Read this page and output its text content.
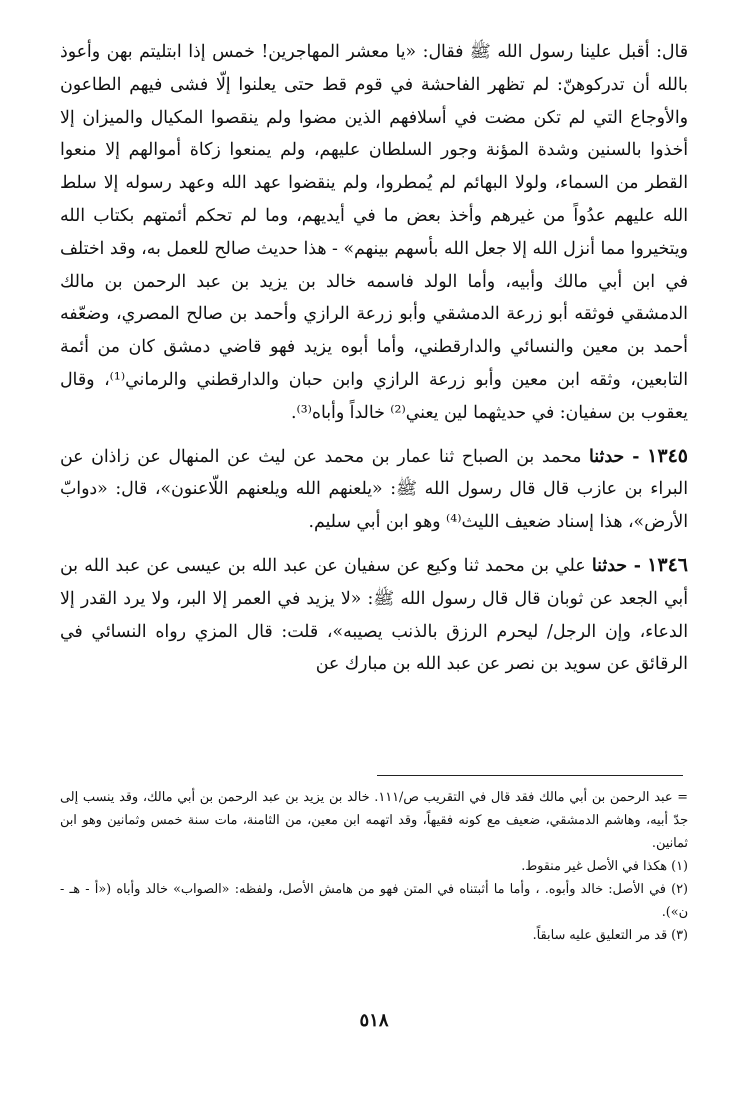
قال: أقبل علينا رسول الله ﷺ فقال: «يا معشر المهاجرين! خمس إذا ابتليتم بهن وأعوذ بالله أن تدركوهنّ: لم تظهر الفاحشة في قوم قط حتى يعلنوا إلّا فشى فيهم الطاعون والأوجاع التي لم تكن مضت في أسلافهم الذين مضوا ولم ينقصوا المكيال والميزان إلا أخذوا بالسنين وشدة المؤنة وجور السلطان عليهم، ولم يمنعوا زكاة أموالهم إلا منعوا القطر من السماء، ولولا البهائم لم يُمطروا، ولم ينقضوا عهد الله وعهد رسوله إلا سلط الله عليهم عدُواً من غيرهم وأخذ بعض ما في أيديهم، وما لم تحكم أئمتهم بكتاب الله ويتخيروا مما أنزل الله إلا جعل الله بأسهم بينهم» - هذا حديث صالح للعمل به، وقد اختلف في ابن أبي مالك وأبيه، وأما الولد فاسمه خالد بن يزيد بن عبد الرحمن بن مالك الدمشقي فوثقه أبو زرعة الدمشقي وأبو زرعة الرازي وأحمد بن صالح المصري، وضعّفه أحمد بن معين والنسائي والدارقطني، وأما أبوه يزيد فهو قاضي دمشق كان من أئمة التابعين، وثقه ابن معين وأبو زرعة الرازي وابن حبان والدارقطني والرماني⁽¹⁾، وقال يعقوب بن سفيان: في حديثهما لين يعني⁽²⁾ خالداً وأباه⁽³⁾.

١٣٤٥ - حدثنا محمد بن الصباح ثنا عمار بن محمد عن ليث عن المنهال عن زاذان عن البراء بن عازب قال قال رسول الله ﷺ: «يلعنهم الله ويلعنهم اللّاعنون»، قال: «دوابّ الأرض»، هذا إسناد ضعيف الليث⁽⁴⁾ وهو ابن أبي سليم.

١٣٤٦ - حدثنا علي بن محمد ثنا وكيع عن سفيان عن عبد الله بن عيسى عن عبد الله بن أبي الجعد عن ثوبان قال قال رسول الله ﷺ: «لا يزيد في العمر إلا البر، ولا يرد القدر إلا الدعاء، وإن الرجل/ ليحرم الرزق بالذنب يصيبه»، قلت: قال المزي رواه النسائي في الرقائق عن سويد بن نصر عن عبد الله بن مبارك عن

= عبد الرحمن بن أبي مالك فقد قال في التقريب ص/١١١. خالد بن يزيد بن عبد الرحمن بن أبي مالك، وقد ينسب إلى جدّ أبيه، وهاشم الدمشقي، ضعيف مع كونه فقيهاً، وقد اتهمه ابن معين، من الثامنة، مات سنة خمس وثمانين وهو ابن ثمانين.

(١) هكذا في الأصل غير منقوط.

(٢) في الأصل: خالد وأبوه. ، وأما ما أثبتناه في المتن فهو من هامش الأصل، ولفظه: «الصواب» خالد وأباه («أ - هـ - ن»).

(٣) قد مر التعليق عليه سابقاً.

٥١٨
